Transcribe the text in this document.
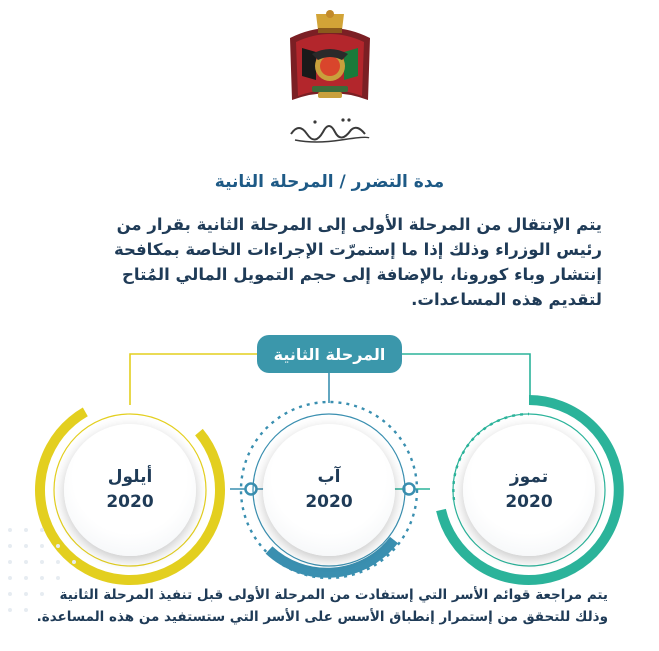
مدة التضرر / المرحلة الثانية
يتم الإنتقال من المرحلة الأولى إلى المرحلة الثانية بقرار من
رئيس الوزراء وذلك إذا ما إستمرّت الإجراءات الخاصة بمكافحة
إنتشار وباء كورونا، بالإضافة إلى حجم التمويل المالي المُتاح
لتقديم هذه المساعدات.
أيلول
2020
آب
2020
تموز
2020
المرحلة الثانية
يتم مراجعة قوائم الأسر التي إستفادت من المرحلة الأولى قبل تنفيذ المرحلة الثانية
وذلك للتحقق من إستمرار إنطباق الأسس على الأسر التي ستستفيد من هذه المساعدة.
